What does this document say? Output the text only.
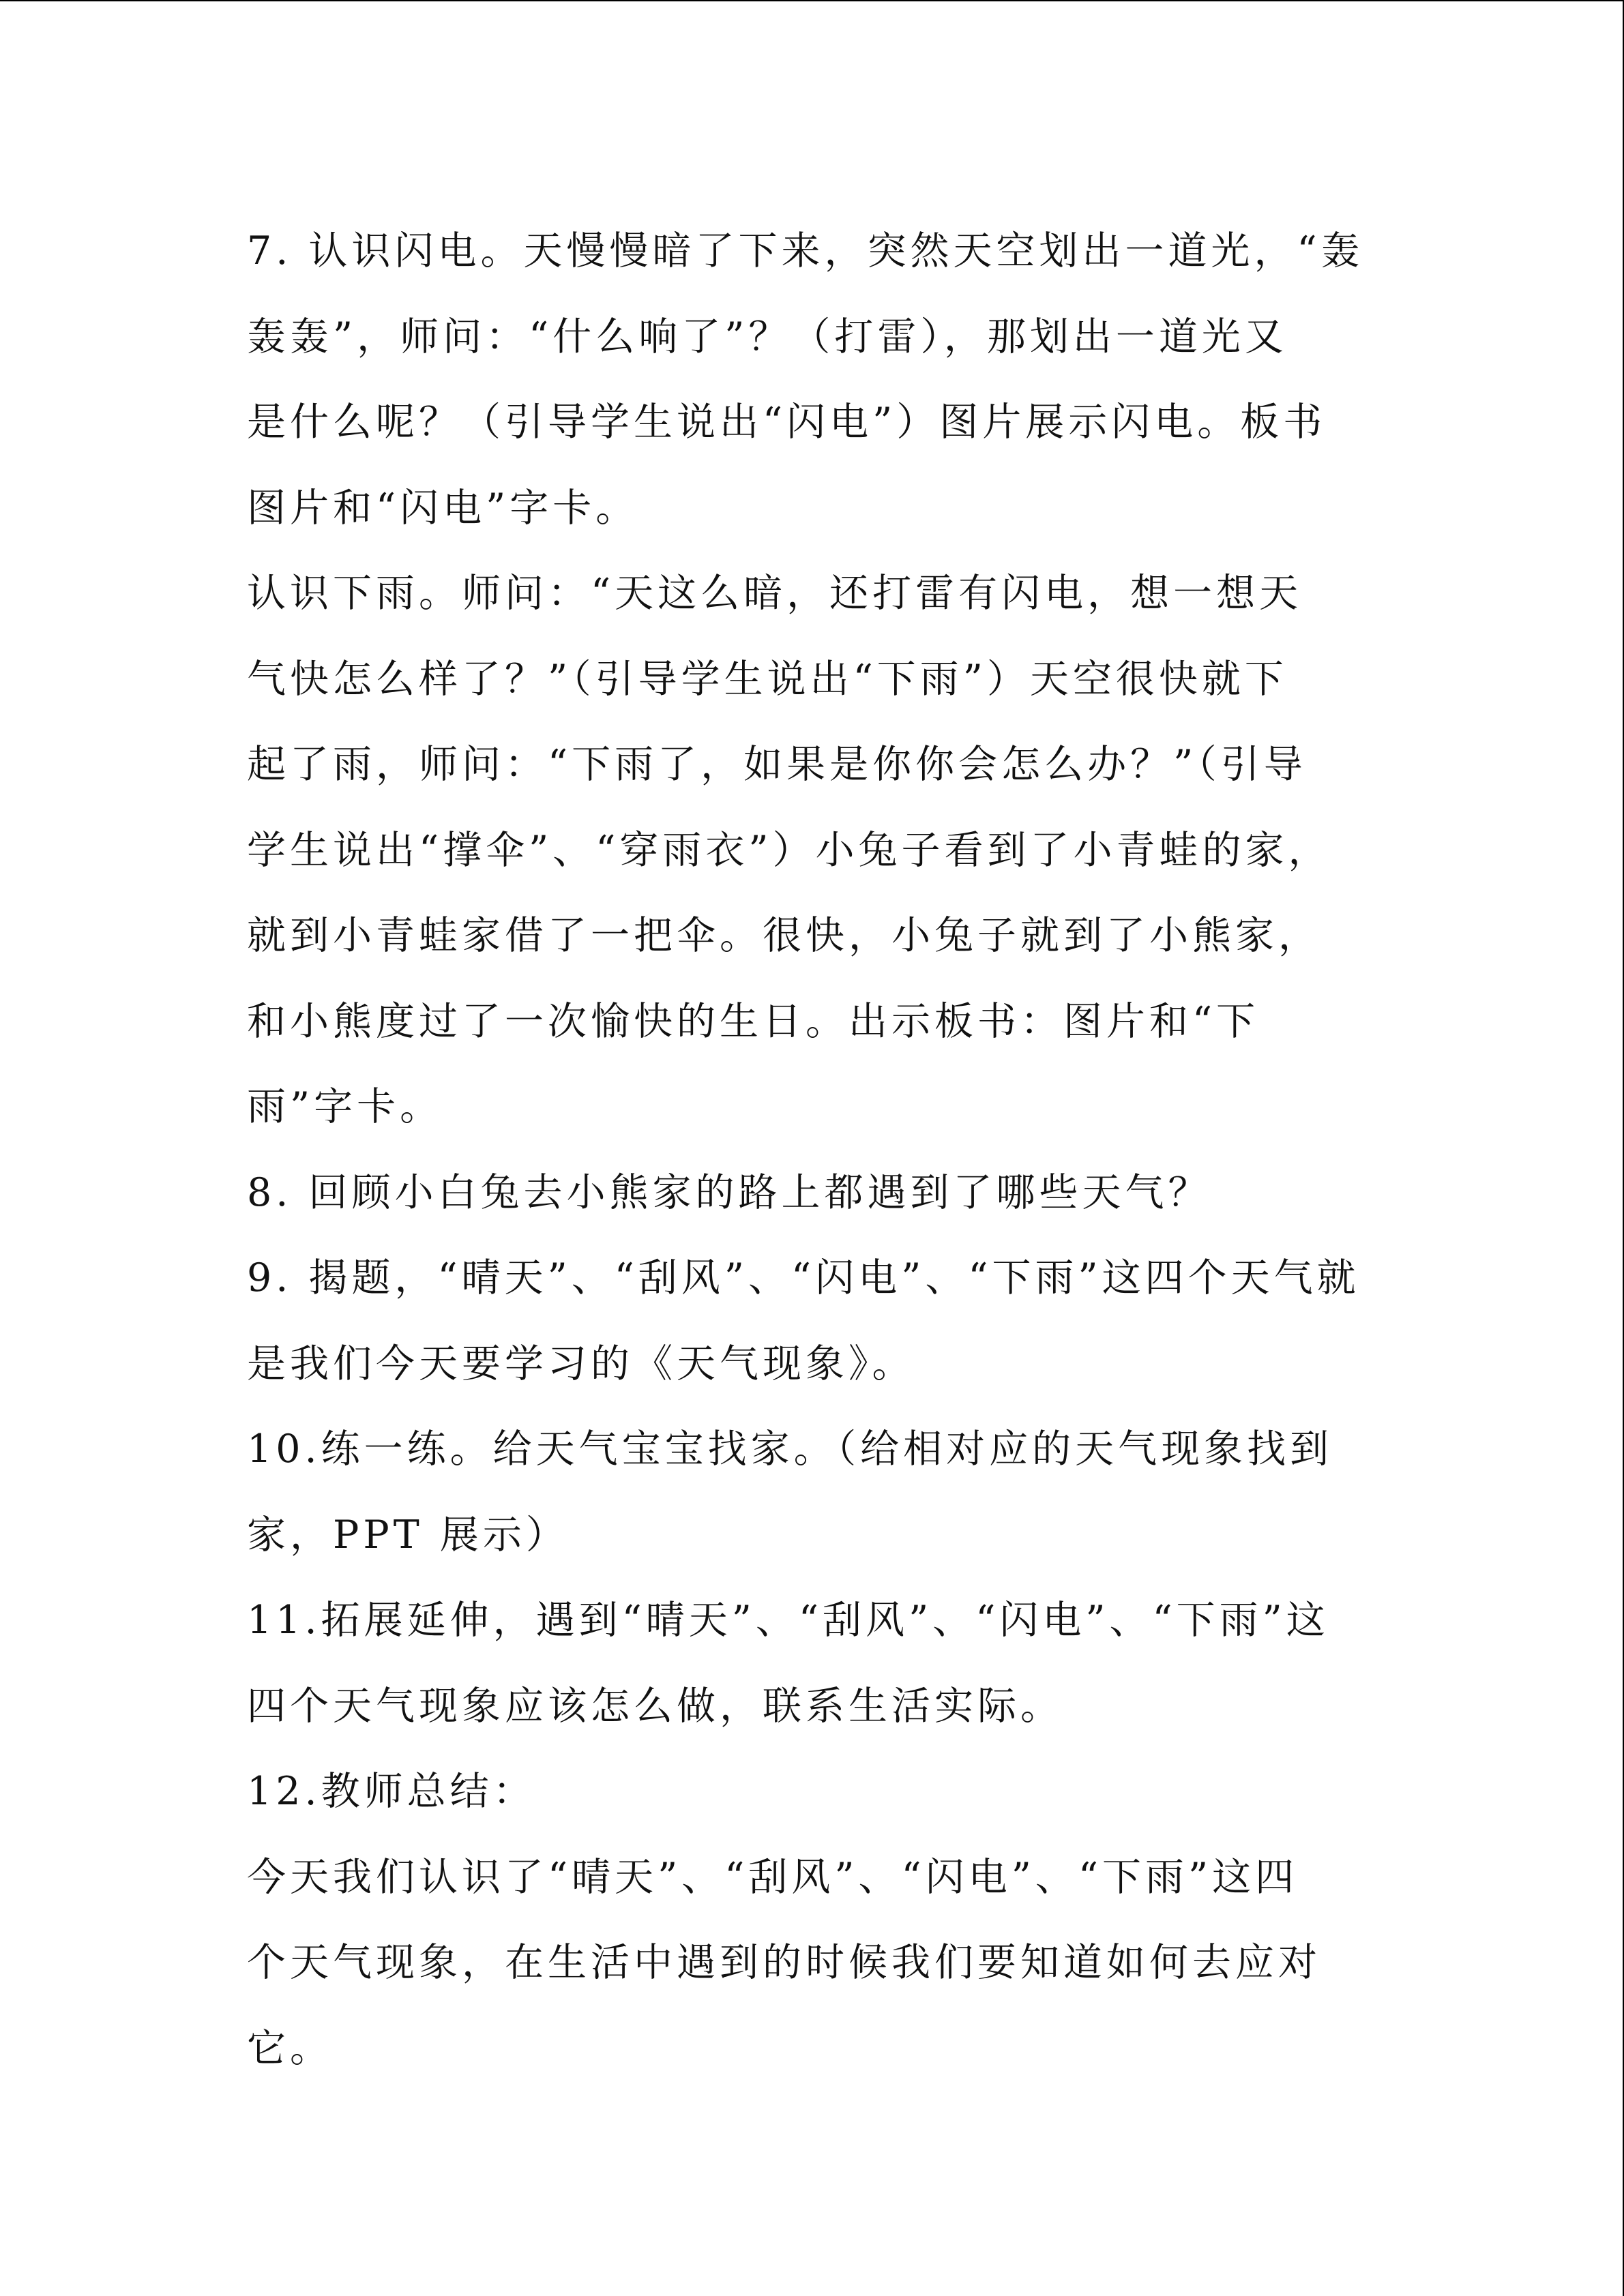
7. 认识闪电。天慢慢暗了下来，突然天空划出一道光，“轰
轰轰”，师问：“什么响了”？（打雷），那划出一道光又
是什么呢？（引导学生说出“闪电”）图片展示闪电。板书
图片和“闪电”字卡。
认识下雨。师问：“天这么暗，还打雷有闪电，想一想天
气快怎么样了？”（引导学生说出“下雨”）天空很快就下
起了雨，师问：“下雨了，如果是你你会怎么办？”（引导
学生说出“撑伞”、“穿雨衣”）小兔子看到了小青蛙的家，
就到小青蛙家借了一把伞。很快，小兔子就到了小熊家，
和小熊度过了一次愉快的生日。出示板书：图片和“下
雨”字卡。
8. 回顾小白兔去小熊家的路上都遇到了哪些天气？
9. 揭题，“晴天”、“刮风”、“闪电”、“下雨”这四个天气就
是我们今天要学习的《天气现象》。
10.练一练。给天气宝宝找家。（给相对应的天气现象找到
家，PPT 展示）
11.拓展延伸，遇到“晴天”、“刮风”、“闪电”、“下雨”这
四个天气现象应该怎么做，联系生活实际。
12.教师总结：
今天我们认识了“晴天”、“刮风”、“闪电”、“下雨”这四
个天气现象，在生活中遇到的时候我们要知道如何去应对
它。
